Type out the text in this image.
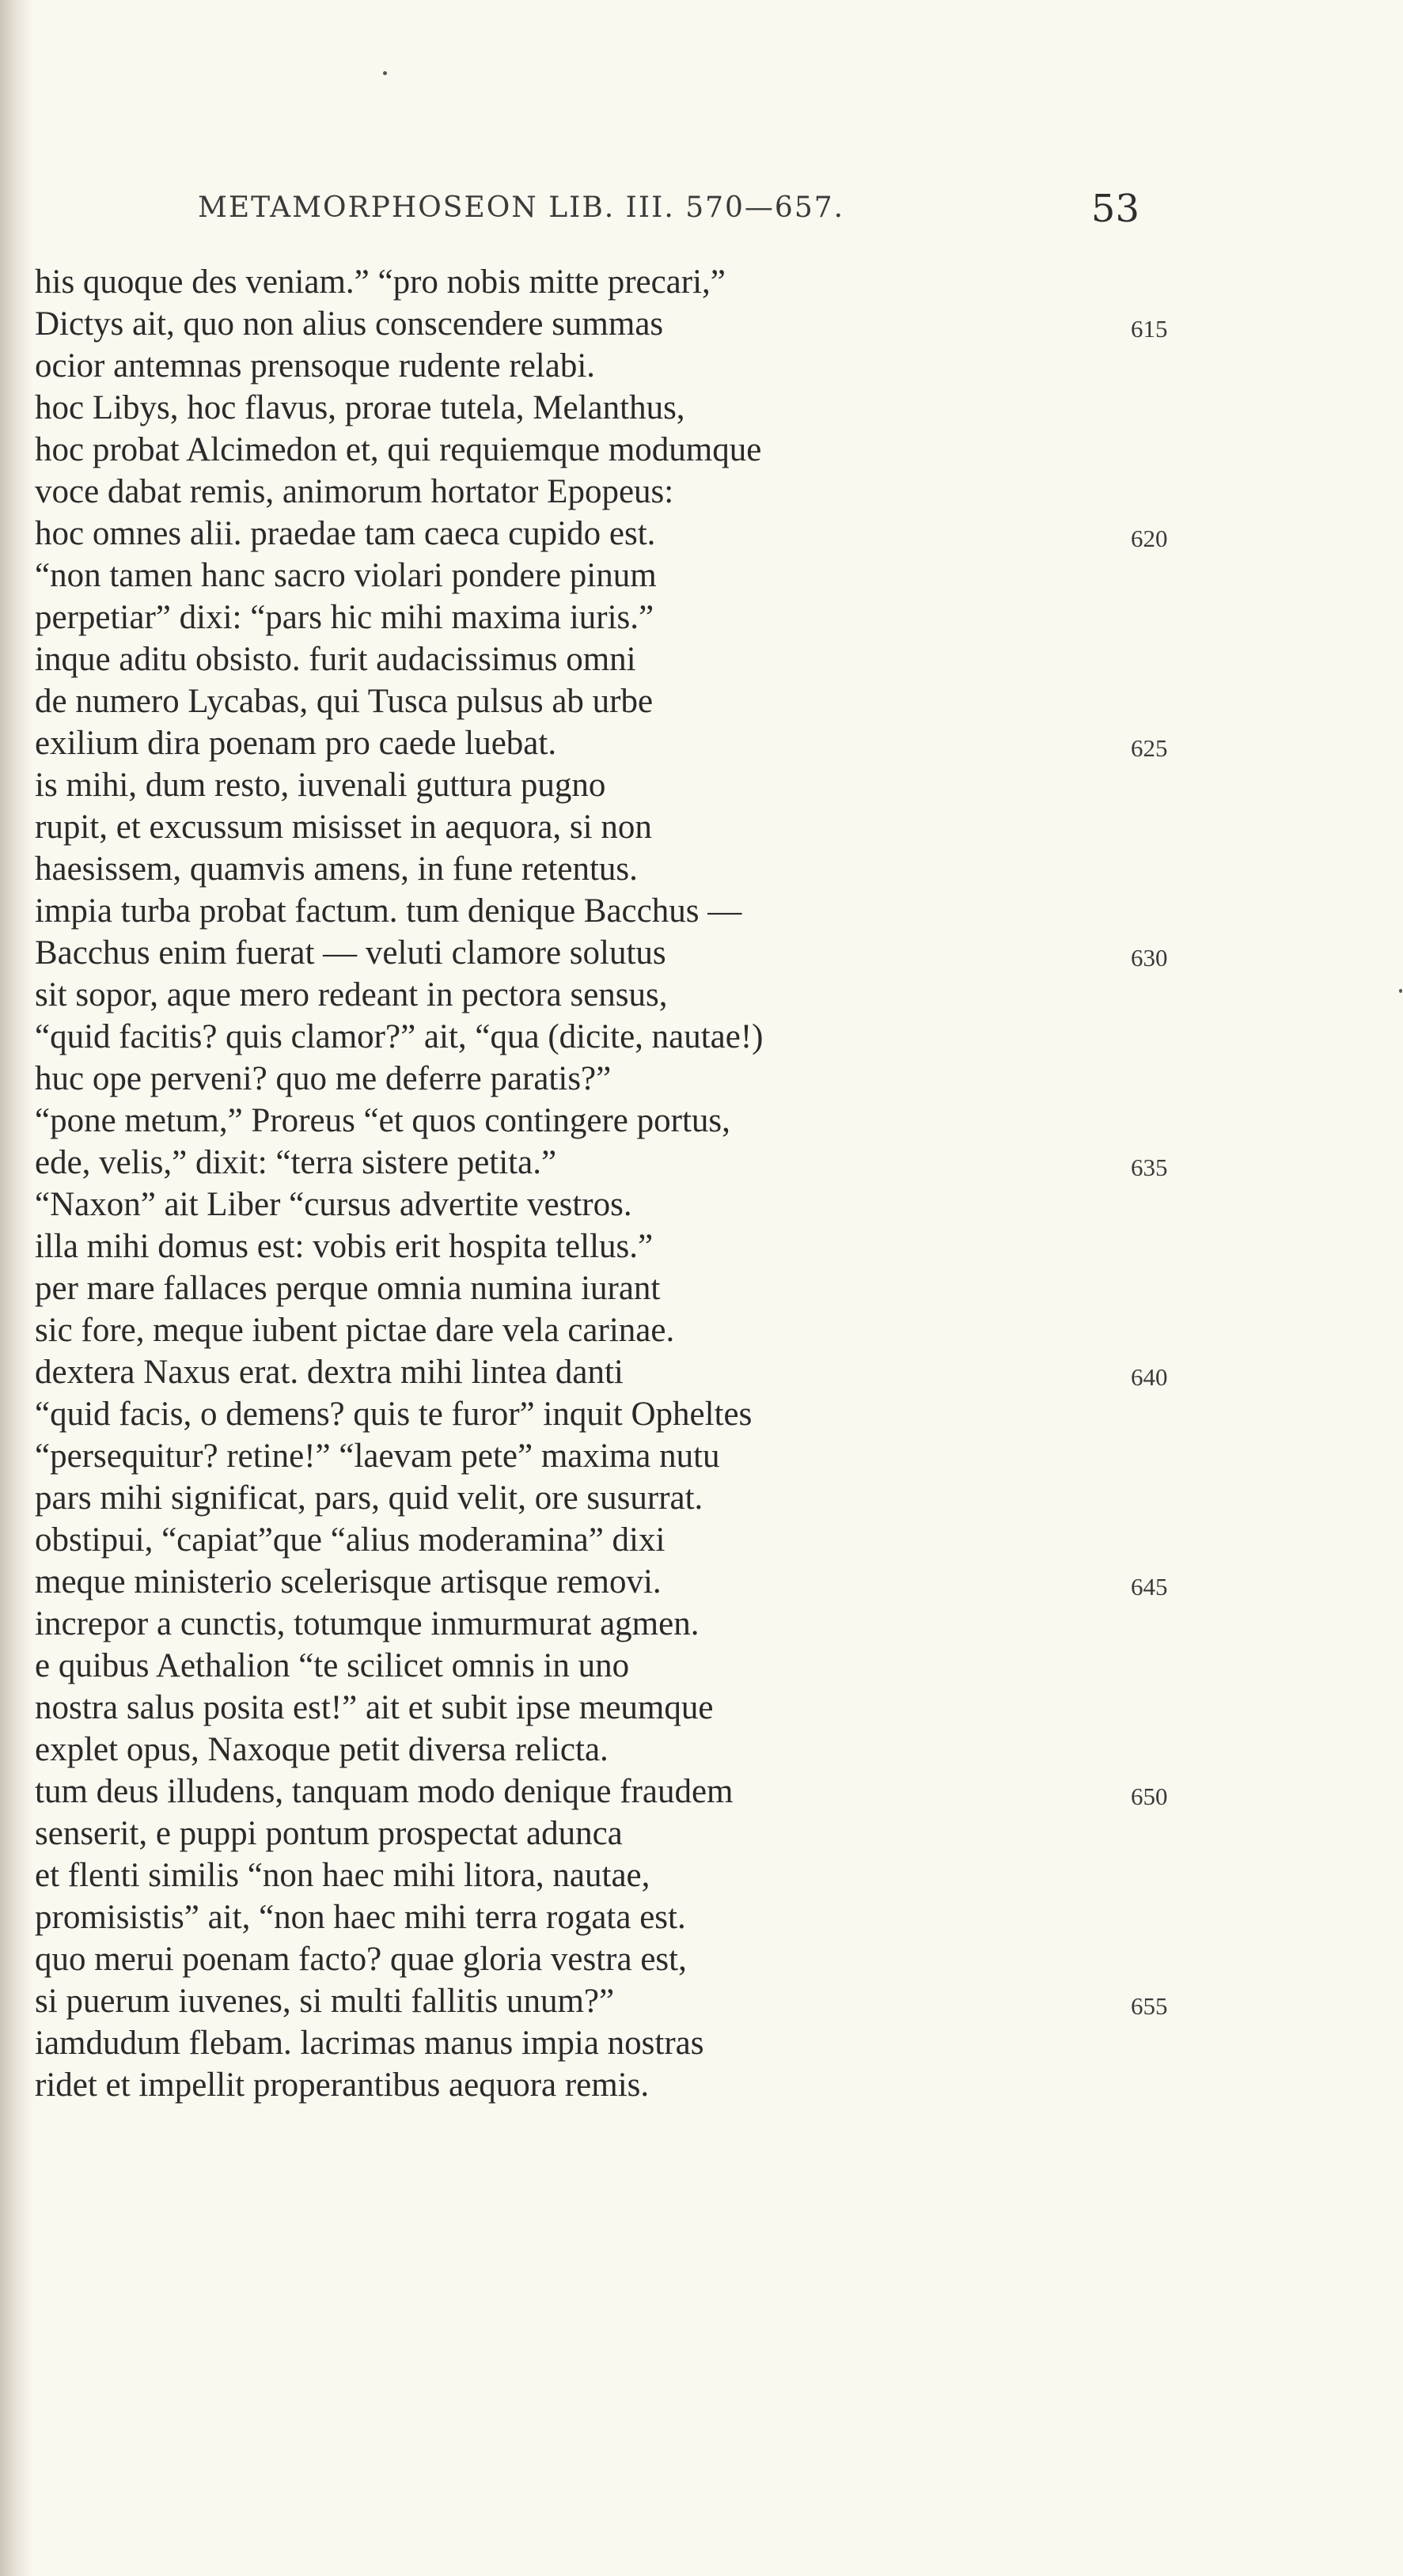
METAMORPHOSEON LIB. III. 570—657.	53
his quoque des veniam.” “pro nobis mitte precari,”
Dictys ait, quo non alius conscendere summas	615
ocior antemnas prensoque rudente relabi.
hoc Libys, hoc flavus, prorae tutela, Melanthus,
hoc probat Alcimedon et, qui requiemque modumque
voce dabat remis, animorum hortator Epopeus:
hoc omnes alii. praedae tam caeca cupido est.	620
“non tamen hanc sacro violari pondere pinum
perpetiar” dixi: “pars hic mihi maxima iuris.”
inque aditu obsisto. furit audacissimus omni
de numero Lycabas, qui Tusca pulsus ab urbe
exilium dira poenam pro caede luebat.	625
is mihi, dum resto, iuvenali guttura pugno
rupit, et excussum misisset in aequora, si non
haesissem, quamvis amens, in fune retentus.
impia turba probat factum. tum denique Bacchus —
Bacchus enim fuerat — veluti clamore solutus	630
sit sopor, aque mero redeant in pectora sensus,
“quid facitis? quis clamor?” ait, “qua (dicite, nautae!)
huc ope perveni? quo me deferre paratis?”
“pone metum,” Proreus “et quos contingere portus,
ede, velis,” dixit: “terra sistere petita.”	635
“Naxon” ait Liber “cursus advertite vestros.
illa mihi domus est: vobis erit hospita tellus.”
per mare fallaces perque omnia numina iurant
sic fore, meque iubent pictae dare vela carinae.
dextera Naxus erat. dextra mihi lintea danti	640
“quid facis, o demens? quis te furor” inquit Opheltes
“persequitur? retine!” “laevam pete” maxima nutu
pars mihi significat, pars, quid velit, ore susurrat.
obstipui, “capiat”que “alius moderamina” dixi
meque ministerio scelerisque artisque removi.	645
increpor a cunctis, totumque inmurmurat agmen.
e quibus Aethalion “te scilicet omnis in uno
nostra salus posita est!” ait et subit ipse meumque
explet opus, Naxoque petit diversa relicta.
tum deus illudens, tanquam modo denique fraudem	650
senserit, e puppi pontum prospectat adunca
et flenti similis “non haec mihi litora, nautae,
promisistis” ait, “non haec mihi terra rogata est.
quo merui poenam facto? quae gloria vestra est,
si puerum iuvenes, si multi fallitis unum?”	655
iamdudum flebam. lacrimas manus impia nostras
ridet et impellit properantibus aequora remis.
